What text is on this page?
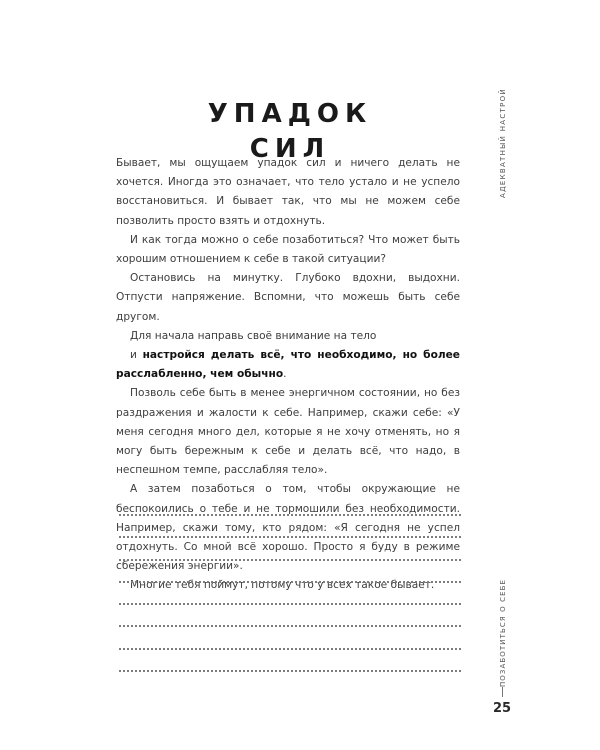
УПАДОК
СИЛ

Бывает, мы ощущаем упадок сил и ничего делать не хочется. Иногда это означает, что тело устало и не успело восстановиться. И бывает так, что мы не можем себе позволить просто взять и отдохнуть.

И как тогда можно о себе позаботиться? Что может быть хорошим отношением к себе в такой ситуации?

Остановись на минутку. Глубоко вдохни, выдохни. Отпусти напряжение. Вспомни, что можешь быть себе другом.

Для начала направь своё внимание на тело

и настройся делать всё, что необходимо, но более расслабленно, чем обычно.

Позволь себе быть в менее энергичном состоянии, но без раздражения и жалости к себе. Например, скажи себе: «У меня сегодня много дел, которые я не хочу отменять, но я могу быть бережным к себе и делать всё, что надо, в неспешном темпе, расслабляя тело».

А затем позаботься о том, чтобы окружающие не беспокоились о тебе и не тормошили без необходимости. Например, скажи тому, кто рядом: «Я сегодня не успел отдохнуть. Со мной всё хорошо. Просто я буду в режиме сбережения энергии».

Многие тебя поймут, потому что у всех такое бывает.

АДЕКВАТНЫЙ НАСТРОЙ
ПОЗАБОТИТЬСЯ О СЕБЕ
25
